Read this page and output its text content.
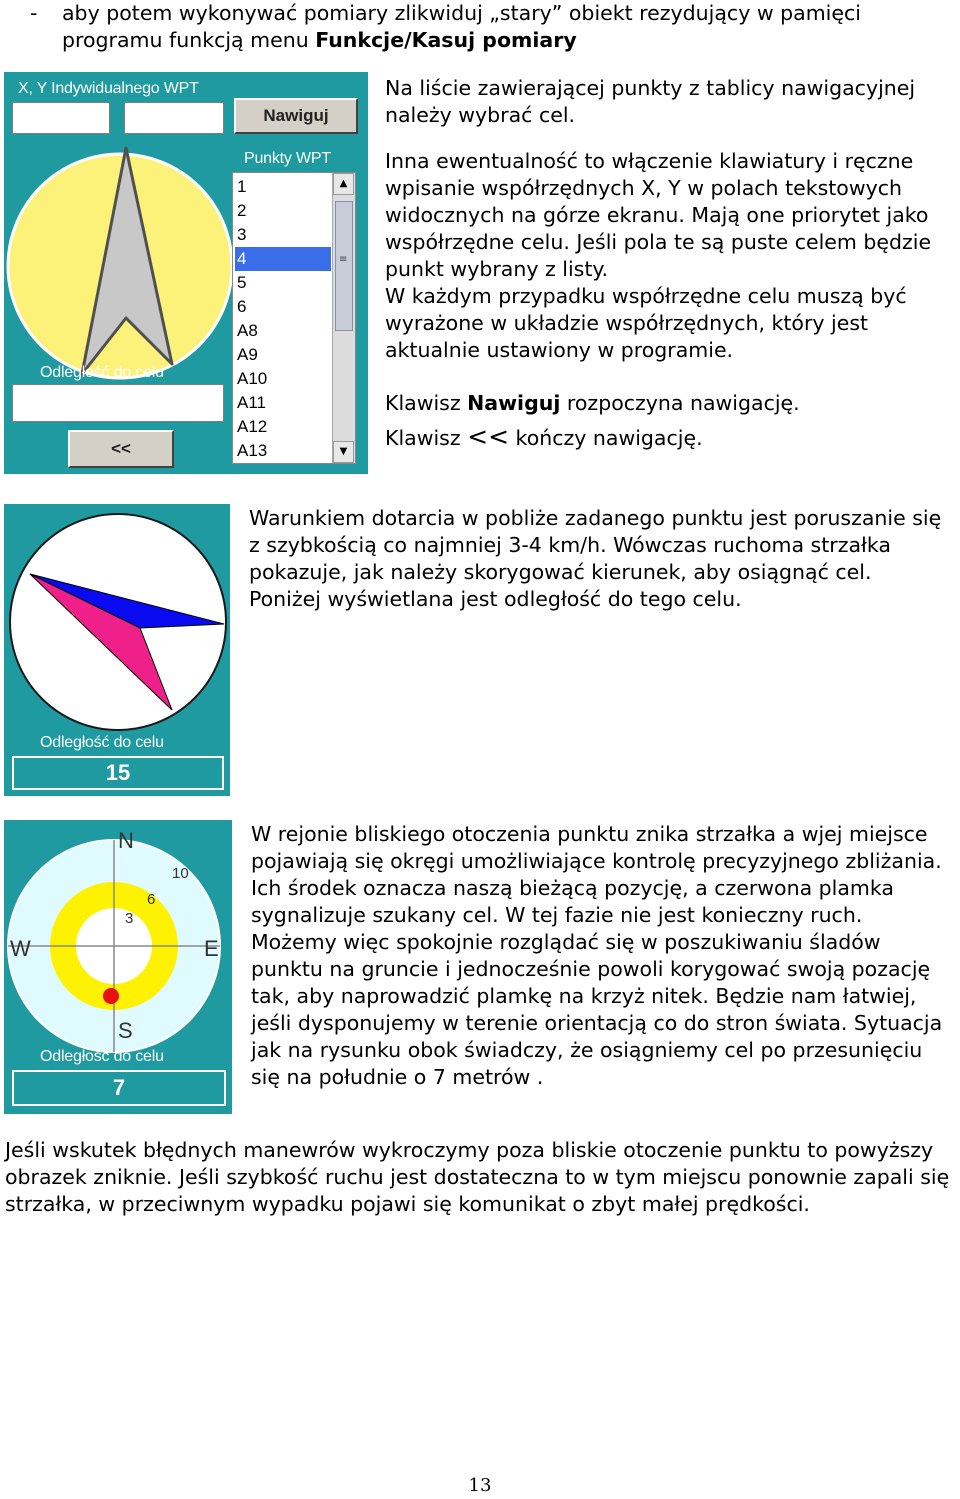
- aby potem wykonywać pomiary zlikwiduj „stary” obiekt rezydujący w pamięci programu funkcją menu Funkcje/Kasuj pomiary

X, Y Indywidualnego WPT
Nawiguj
Punkty WPT
Odległość do celu
<<
1
2
3
4
5
6
A8
A9
A10
A11
A12
A13
▲
≡
▼
Na liście zawierającej punkty z tablicy nawigacyjnej należy wybrać cel.
Inna ewentualność to włączenie klawiatury i ręczne wpisanie współrzędnych X, Y w polach tekstowych widocznych na górze ekranu. Mają one priorytet jako współrzędne celu. Jeśli pola te są puste celem będzie punkt wybrany z listy.
W każdym przypadku współrzędne celu muszą być wyrażone w układzie współrzędnych, który jest aktualnie ustawiony w programie.
Klawisz Nawiguj rozpoczyna nawigację.
Klawisz << kończy nawigację.
Odległość do celu
15
Warunkiem dotarcia w pobliże zadanego punktu jest poruszanie się z szybkością co najmniej 3-4 km/h. Wówczas ruchoma strzałka pokazuje, jak należy skorygować kierunek, aby osiągnąć cel. Poniżej wyświetlana jest odległość do tego celu.
N
S
W	E
10
6
3
Odległość do celu
7
W rejonie bliskiego otoczenia punktu znika strzałka a wjej miejsce pojawiają się okręgi umożliwiające kontrolę precyzyjnego zbliżania. Ich środek oznacza naszą bieżącą pozycję, a czerwona plamka sygnalizuje szukany cel. W tej fazie nie jest konieczny ruch. Możemy więc spokojnie rozglądać się w poszukiwaniu śladów punktu na gruncie i jednocześnie powoli korygować swoją pozację tak, aby naprowadzić plamkę na krzyż nitek. Będzie nam łatwiej, jeśli dysponujemy w terenie orientacją co do stron świata. Sytuacja jak na rysunku obok świadczy, że osiągniemy cel po przesunięciu się na południe o 7 metrów .
Jeśli wskutek błędnych manewrów wykroczymy poza bliskie otoczenie punktu to powyższy obrazek zniknie. Jeśli szybkość ruchu jest dostateczna to w tym miejscu ponownie zapali się strzałka, w przeciwnym wypadku pojawi się komunikat o zbyt małej prędkości.
13
